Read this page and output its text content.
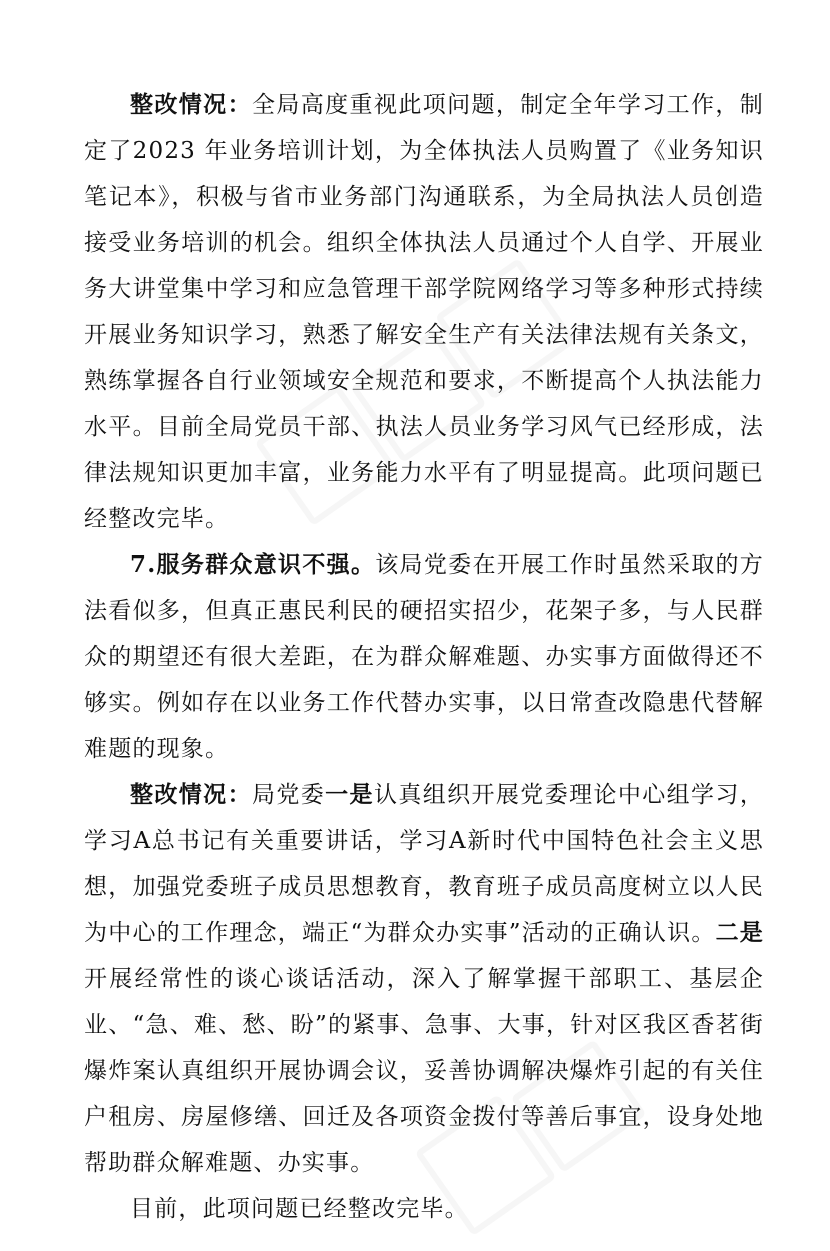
整改情况：全局高度重视此项问题，制定全年学习工作，制定了2023 年业务培训计划，为全体执法人员购置了《业务知识笔记本》，积极与省市业务部门沟通联系，为全局执法人员创造接受业务培训的机会。组织全体执法人员通过个人自学、开展业务大讲堂集中学习和应急管理干部学院网络学习等多种形式持续开展业务知识学习，熟悉了解安全生产有关法律法规有关条文，熟练掌握各自行业领域安全规范和要求，不断提高个人执法能力水平。目前全局党员干部、执法人员业务学习风气已经形成，法律法规知识更加丰富，业务能力水平有了明显提高。此项问题已经整改完毕。

7.服务群众意识不强。该局党委在开展工作时虽然采取的方法看似多，但真正惠民利民的硬招实招少，花架子多，与人民群众的期望还有很大差距，在为群众解难题、办实事方面做得还不够实。例如存在以业务工作代替办实事，以日常查改隐患代替解难题的现象。

整改情况：局党委一是认真组织开展党委理论中心组学习，学习A总书记有关重要讲话，学习A新时代中国特色社会主义思想，加强党委班子成员思想教育，教育班子成员高度树立以人民为中心的工作理念，端正“为群众办实事”活动的正确认识。二是开展经常性的谈心谈话活动，深入了解掌握干部职工、基层企业、“急、难、愁、盼”的紧事、急事、大事，针对区我区香茗街爆炸案认真组织开展协调会议，妥善协调解决爆炸引起的有关住户租房、房屋修缮、回迁及各项资金拨付等善后事宜，设身处地帮助群众解难题、办实事。

目前，此项问题已经整改完毕。
